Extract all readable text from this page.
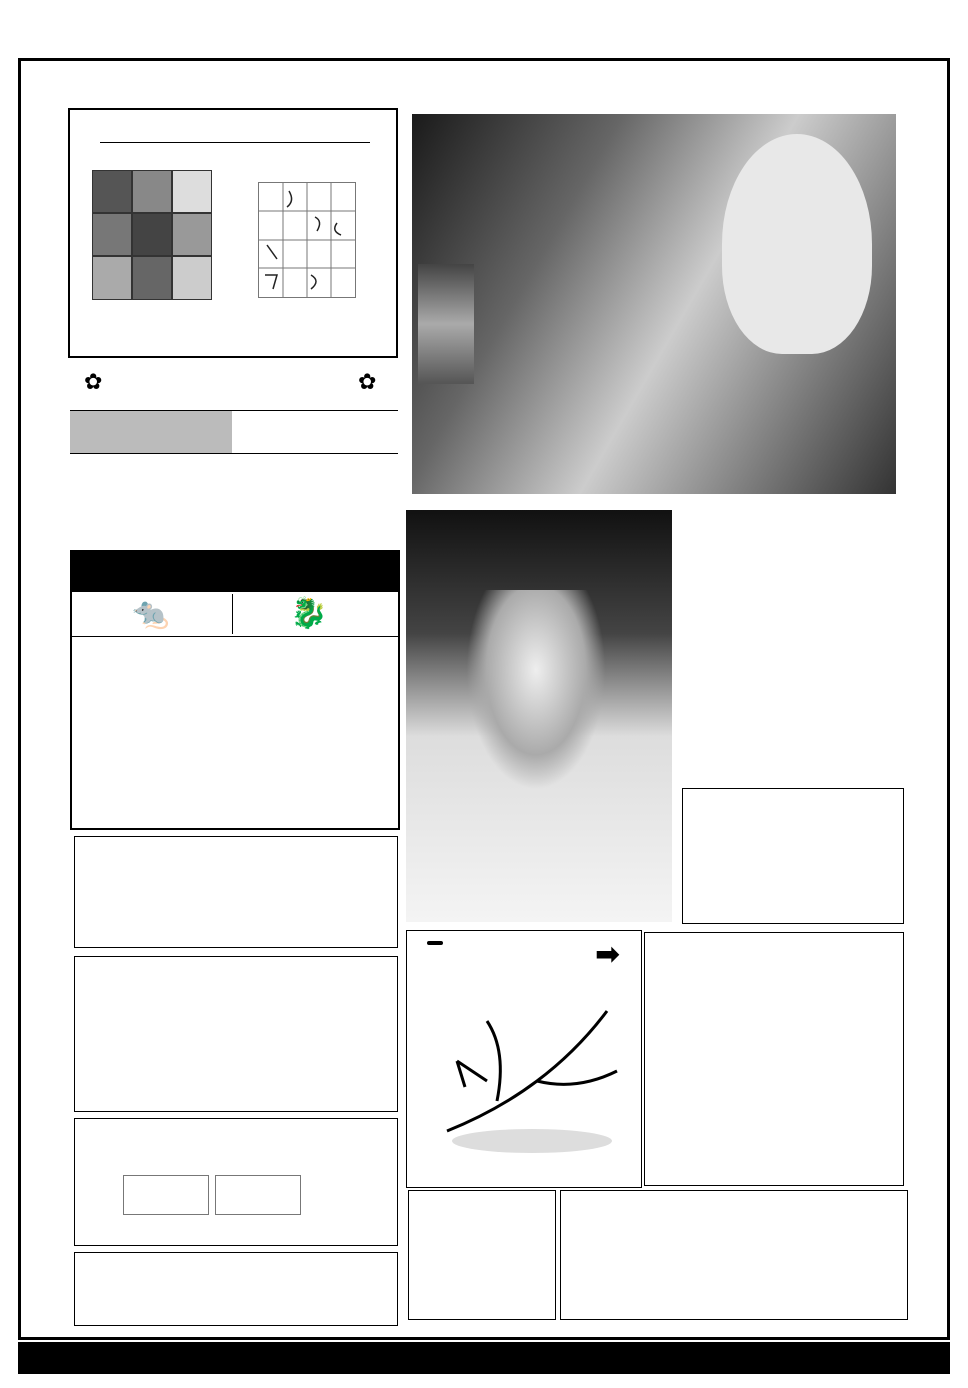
✿	✿
🐀	🐉
➡
